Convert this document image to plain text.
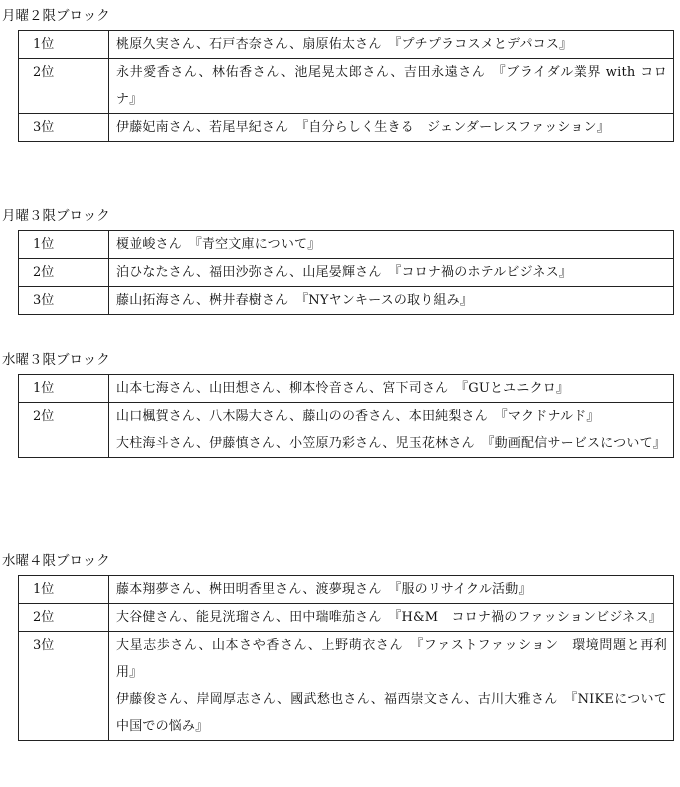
月曜２限ブロック
1位	桃原久実さん、石戸杏奈さん、扇原佑太さん　『プチプラコスメとデパコス』

2位	永井愛香さん、林佑香さん、池尾晃太郎さん、吉田永遠さん　『ブライダル業界 with コロナ』

3位	伊藤妃南さん、若尾早紀さん　『自分らしく生きる　ジェンダーレスファッション』
月曜３限ブロック
1位	榎並峻さん　『青空文庫について』

2位	泊ひなたさん、福田沙弥さん、山尾晏輝さん　『コロナ禍のホテルビジネス』

3位	藤山拓海さん、桝井春樹さん　『NYヤンキースの取り組み』
水曜３限ブロック
1位	山本七海さん、山田想さん、柳本怜音さん、宮下司さん　『GUとユニクロ』

2位	山口楓賀さん、八木陽大さん、藤山のの香さん、本田純梨さん　『マクドナルド』
大柱海斗さん、伊藤慎さん、小笠原乃彩さん、児玉花林さん　『動画配信サービスについて』
水曜４限ブロック
1位	藤本翔夢さん、桝田明香里さん、渡夢現さん　『服のリサイクル活動』

2位	大谷健さん、能見洸瑠さん、田中瑞唯茄さん　『H&M　コロナ禍のファッションビジネス』

3位	大星志歩さん、山本さや香さん、上野萌衣さん　『ファストファッション　環境問題と再利用』
伊藤俊さん、岸岡厚志さん、國武愁也さん、福西崇文さん、古川大雅さん　『NIKEについて　中国での悩み』
